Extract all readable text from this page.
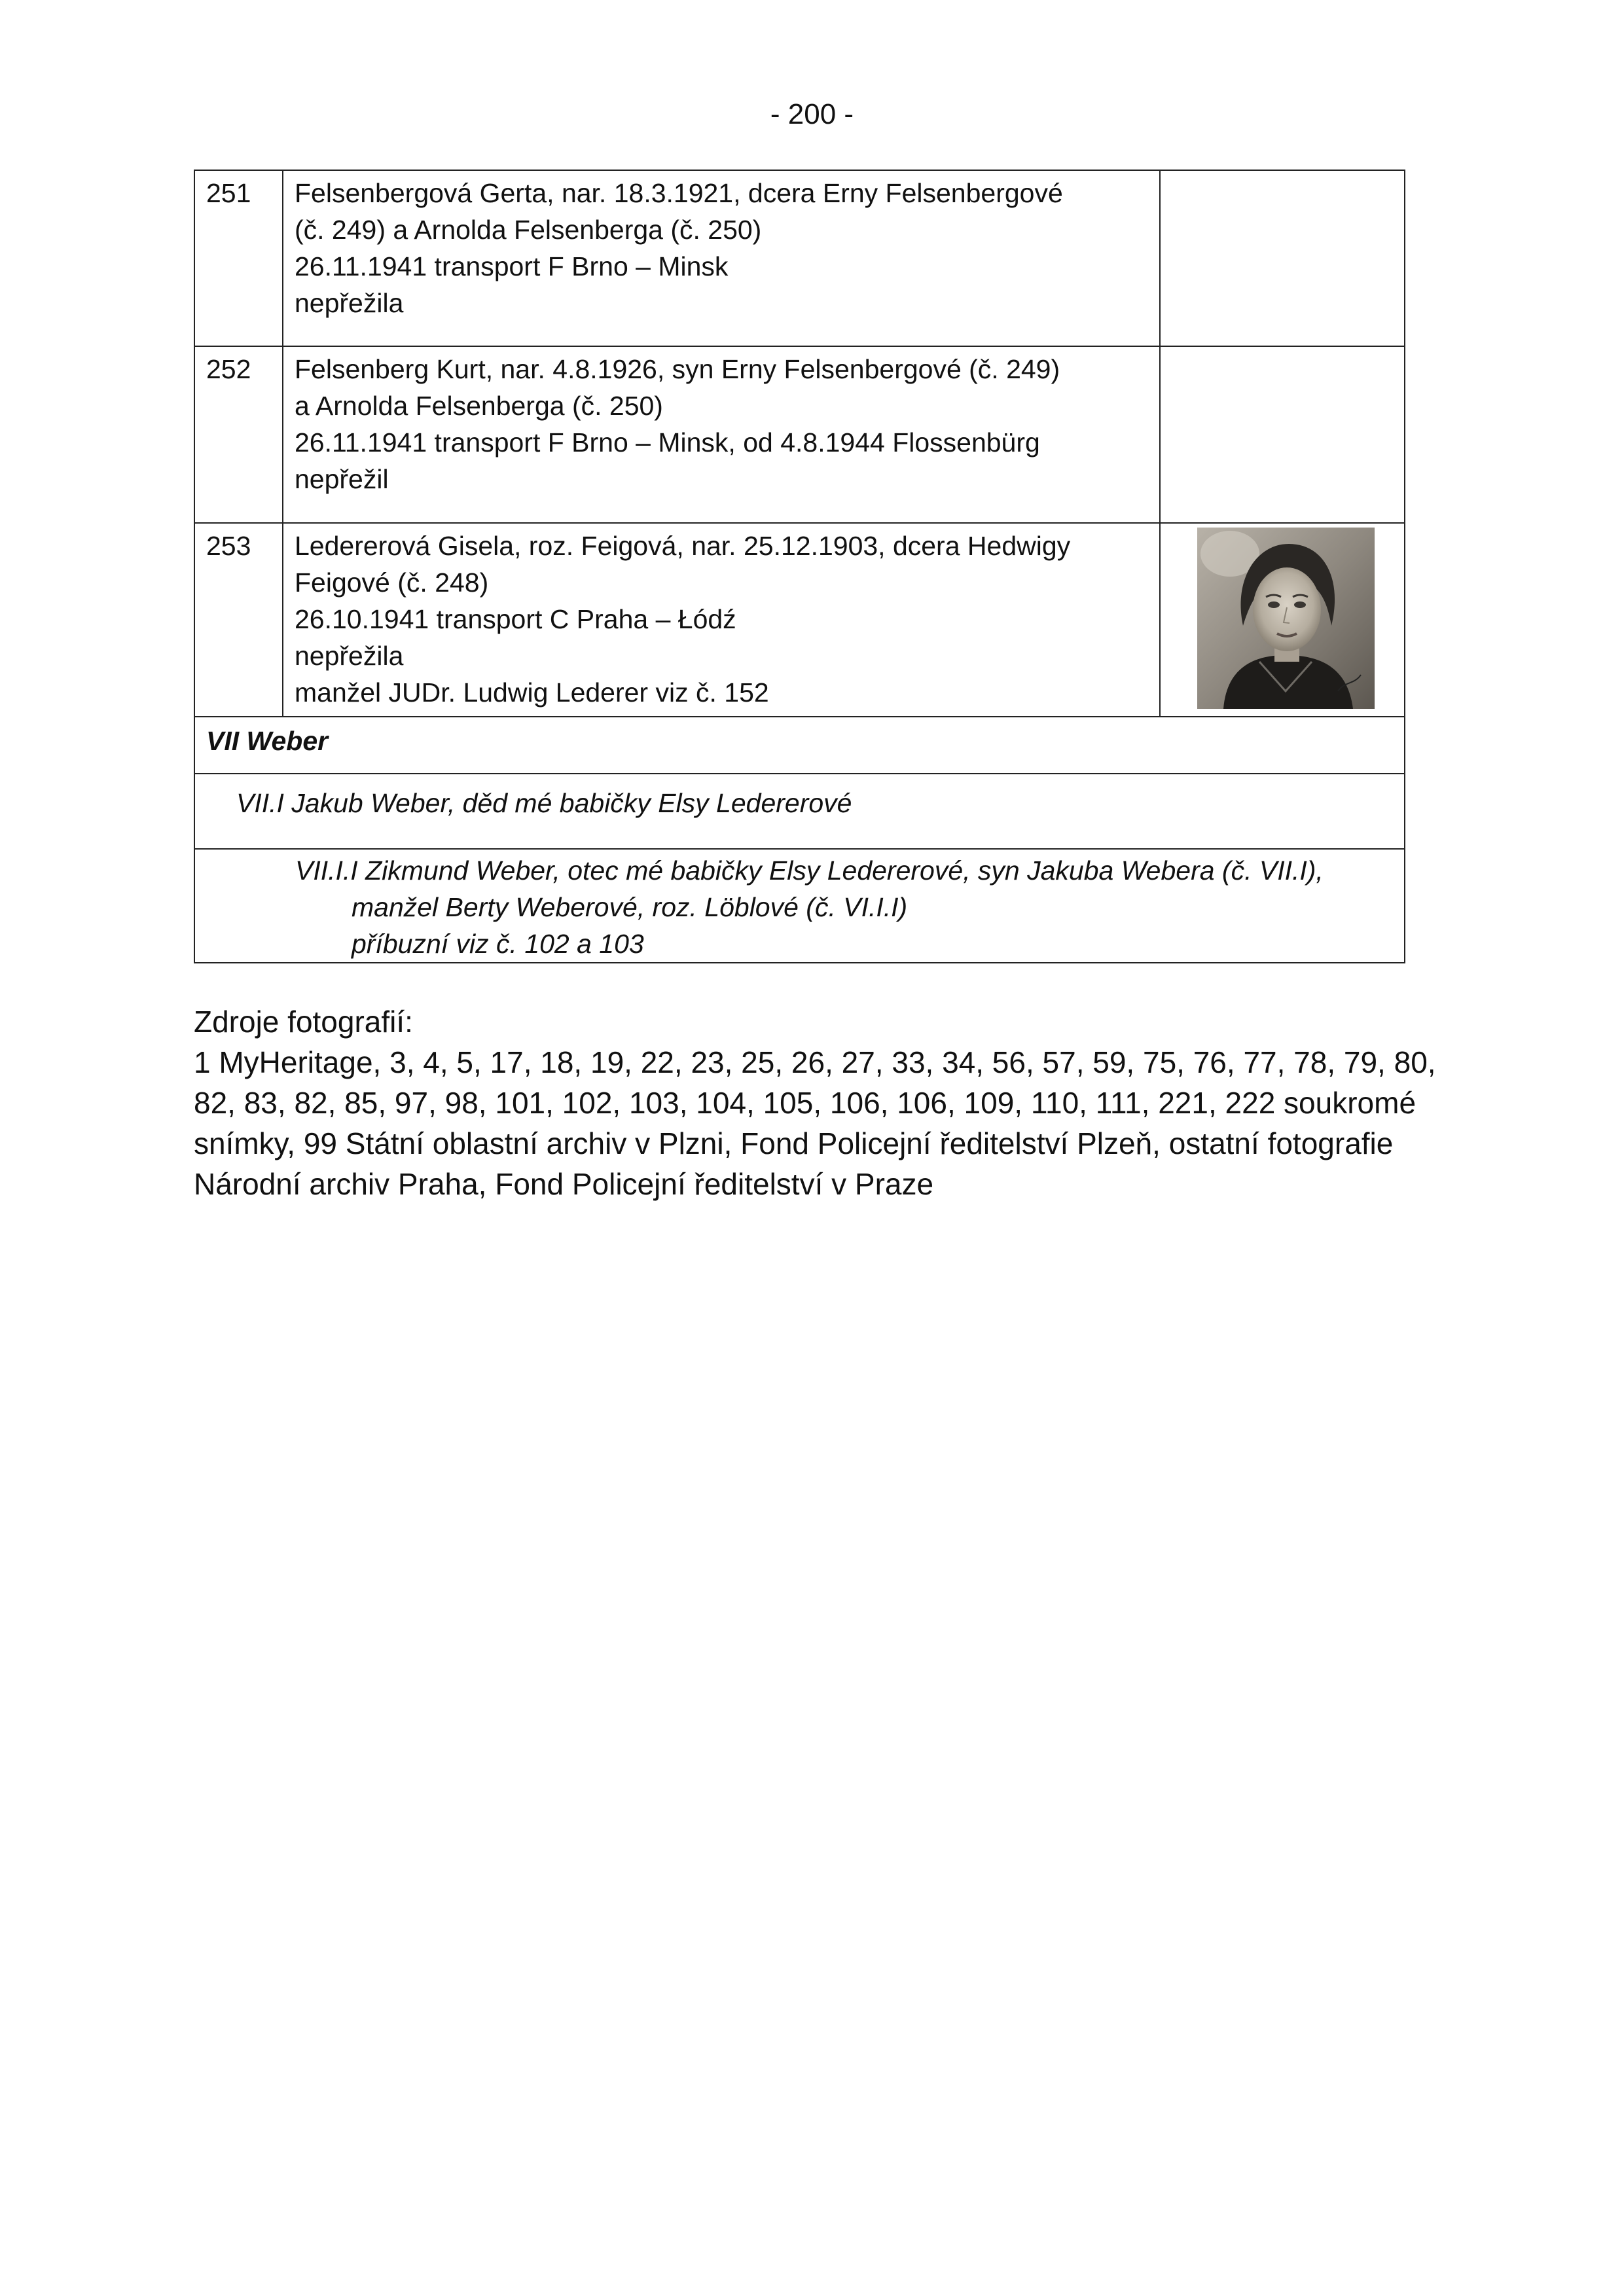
- 200 -
251	Felsenbergová Gerta, nar. 18.3.1921, dcera Erny Felsenbergové
(č. 249) a Arnolda Felsenberga (č. 250)
26.11.1941 transport F Brno – Minsk
nepřežila	

252	Felsenberg Kurt, nar. 4.8.1926, syn Erny Felsenbergové (č. 249)
a Arnolda Felsenberga (č. 250)
26.11.1941 transport F Brno – Minsk, od 4.8.1944 Flossenbürg
nepřežil	

253	Ledererová Gisela, roz. Feigová, nar. 25.12.1903, dcera Hedwigy
Feigové (č. 248)
26.10.1941 transport C Praha – Łódź
nepřežila
manžel JUDr. Ludwig Lederer viz č. 152

VII Weber		
VII.I Jakub Weber, děd mé babičky Elsy Ledererové		

VII.I.I Zikmund Weber, otec mé babičky Elsy Ledererové, syn Jakuba Webera (č. VII.I),
manžel Berty Weberové, roz. Löblové (č. VI.I.I)
příbuzní viz č. 102 a 103		
Zdroje fotografií:
1 MyHeritage, 3, 4, 5, 17, 18, 19, 22, 23, 25, 26, 27, 33, 34, 56, 57, 59, 75, 76, 77, 78, 79, 80,
82, 83, 82, 85, 97, 98, 101, 102, 103, 104, 105, 106, 106, 109, 110, 111, 221, 222 soukromé
snímky, 99 Státní oblastní archiv v Plzni, Fond Policejní ředitelství Plzeň, ostatní fotografie
Národní archiv Praha, Fond Policejní ředitelství v Praze
